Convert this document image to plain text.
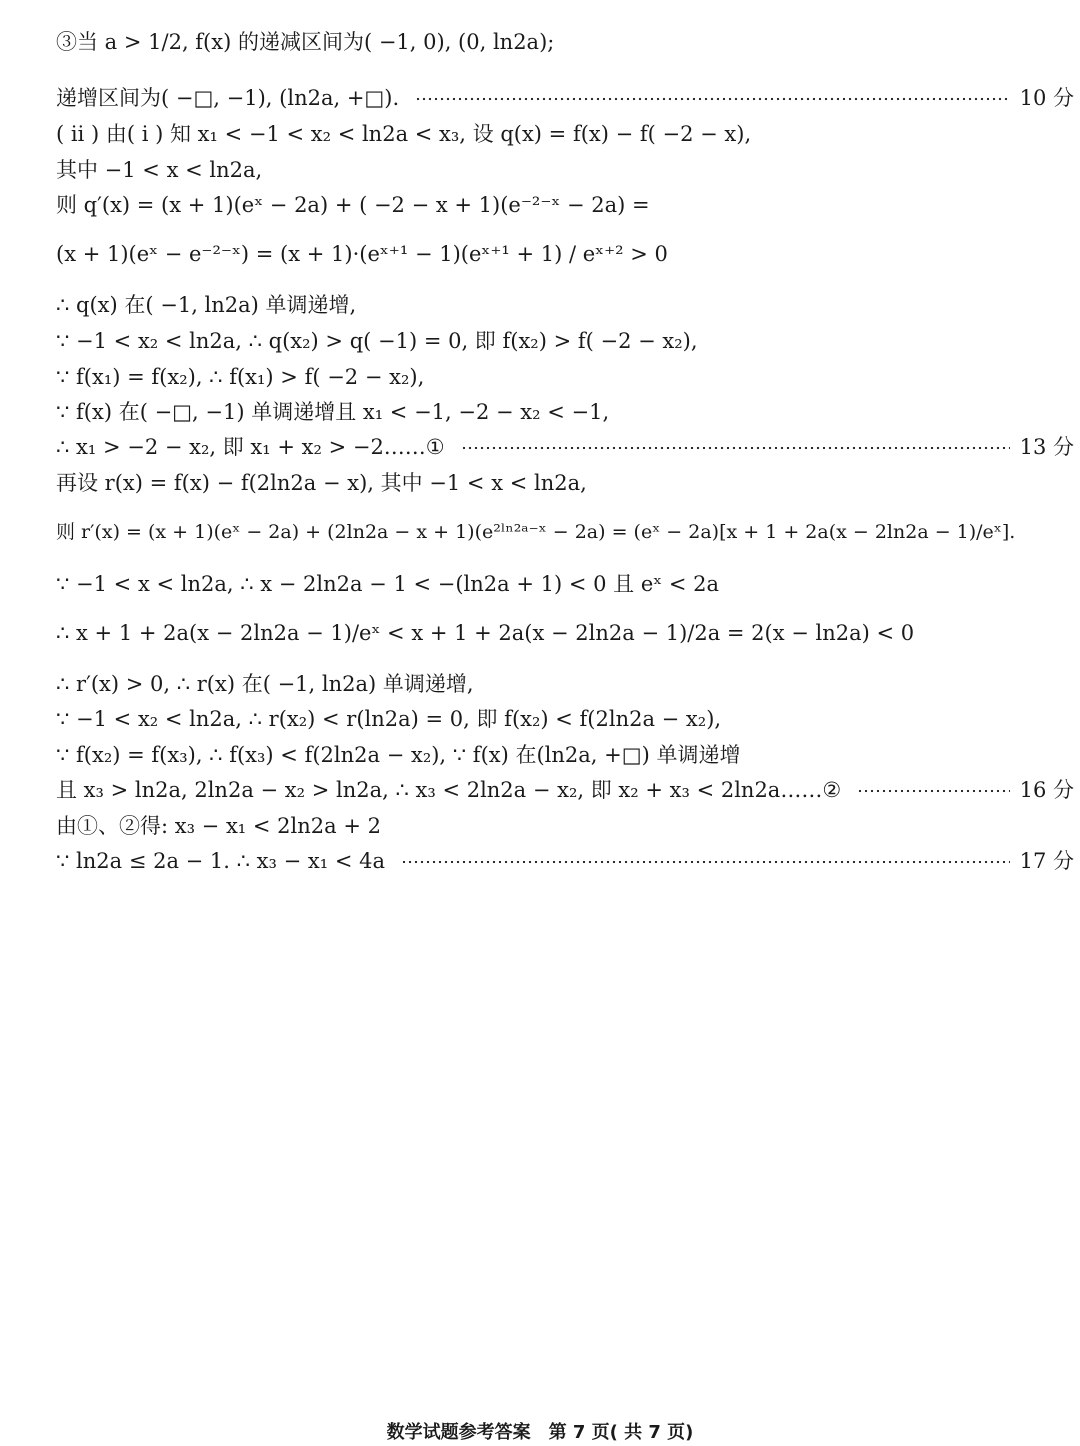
③当 a > 1/2, f(x) 的递减区间为( −1, 0), (0, ln2a);
递增区间为( −□, −1), (ln2a, +□).	10 分
( ⅱ ) 由( ⅰ ) 知 x₁ < −1 < x₂ < ln2a < x₃, 设 q(x) = f(x) − f( −2 − x),
其中 −1 < x < ln2a,
则 q′(x) = (x + 1)(eˣ − 2a) + ( −2 − x + 1)(e⁻²⁻ˣ − 2a) =
(x + 1)(eˣ − e⁻²⁻ˣ) = (x + 1)·(eˣ⁺¹ − 1)(eˣ⁺¹ + 1) / eˣ⁺² > 0
∴ q(x) 在( −1, ln2a) 单调递增,
∵ −1 < x₂ < ln2a, ∴ q(x₂) > q( −1) = 0, 即 f(x₂) > f( −2 − x₂),
∵ f(x₁) = f(x₂), ∴ f(x₁) > f( −2 − x₂),
∵ f(x) 在( −□, −1) 单调递增且 x₁ < −1, −2 − x₂ < −1,
∴ x₁ > −2 − x₂, 即 x₁ + x₂ > −2……①	13 分
再设 r(x) = f(x) − f(2ln2a − x), 其中 −1 < x < ln2a,
则 r′(x) = (x + 1)(eˣ − 2a) + (2ln2a − x + 1)(e²ˡⁿ²ᵃ⁻ˣ − 2a) = (eˣ − 2a)[x + 1 + 2a(x − 2ln2a − 1)/eˣ].
∵ −1 < x < ln2a, ∴ x − 2ln2a − 1 < −(ln2a + 1) < 0 且 eˣ < 2a
∴ x + 1 + 2a(x − 2ln2a − 1)/eˣ < x + 1 + 2a(x − 2ln2a − 1)/2a = 2(x − ln2a) < 0
∴ r′(x) > 0, ∴ r(x) 在( −1, ln2a) 单调递增,
∵ −1 < x₂ < ln2a, ∴ r(x₂) < r(ln2a) = 0, 即 f(x₂) < f(2ln2a − x₂),
∵ f(x₂) = f(x₃), ∴ f(x₃) < f(2ln2a − x₂), ∵ f(x) 在(ln2a, +□) 单调递增
且 x₃ > ln2a, 2ln2a − x₂ > ln2a, ∴ x₃ < 2ln2a − x₂, 即 x₂ + x₃ < 2ln2a……②	16 分
由①、②得: x₃ − x₁ < 2ln2a + 2
∵ ln2a ≤ 2a − 1. ∴ x₃ − x₁ < 4a	17 分
数学试题参考答案　第 7 页( 共 7 页)
